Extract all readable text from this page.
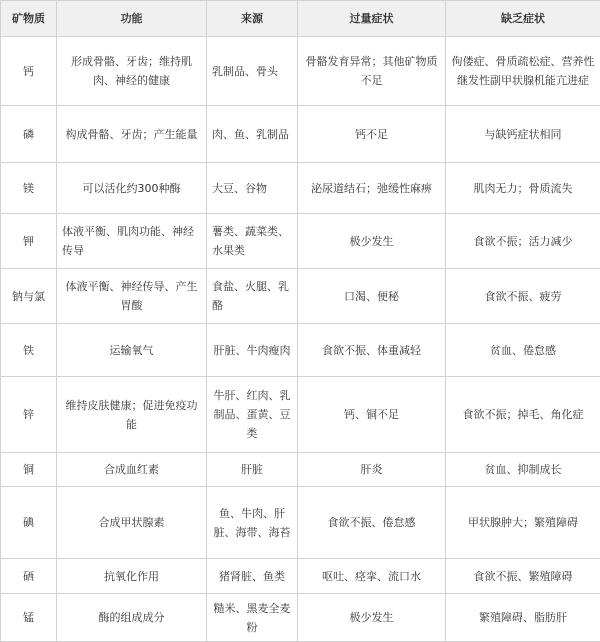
矿物质	功能	来源	过量症状	缺乏症状
钙	形成骨骼、牙齿；维持肌肉、神经的健康	乳制品、骨头	骨骼发育异常；其他矿物质不足	佝偻症、骨质疏松症、营养性继发性副甲状腺机能亢进症
磷	构成骨骼、牙齿；产生能量	肉、鱼、乳制品	钙不足	与缺钙症状相同
镁	可以活化约300种酶	大豆、谷物	泌尿道结石；弛缓性麻痹	肌肉无力；骨质流失
钾	体液平衡、肌肉功能、神经传导	薯类、蔬菜类、水果类	极少发生	食欲不振；活力减少
钠与氯	体液平衡、神经传导、产生胃酸	食盐、火腿、乳酪	口渴、便秘	食欲不振、疲劳
铁	运输氧气	肝脏、牛肉瘦肉	食欲不振、体重减轻	贫血、倦怠感
锌	维持皮肤健康；促进免疫功能	牛肝、红肉、乳制品、蛋黄、豆类	钙、铜不足	食欲不振；掉毛、角化症
铜	合成血红素	肝脏	肝炎	贫血、抑制成长
碘	合成甲状腺素	鱼、牛肉、肝脏、海带、海苔	食欲不振、倦怠感	甲状腺肿大；繁殖障碍
硒	抗氧化作用	猪肾脏、鱼类	呕吐、痉挛、流口水	食欲不振、繁殖障碍
锰	酶的组成成分	糙米、黑麦全麦粉	极少发生	繁殖障碍、脂肪肝
